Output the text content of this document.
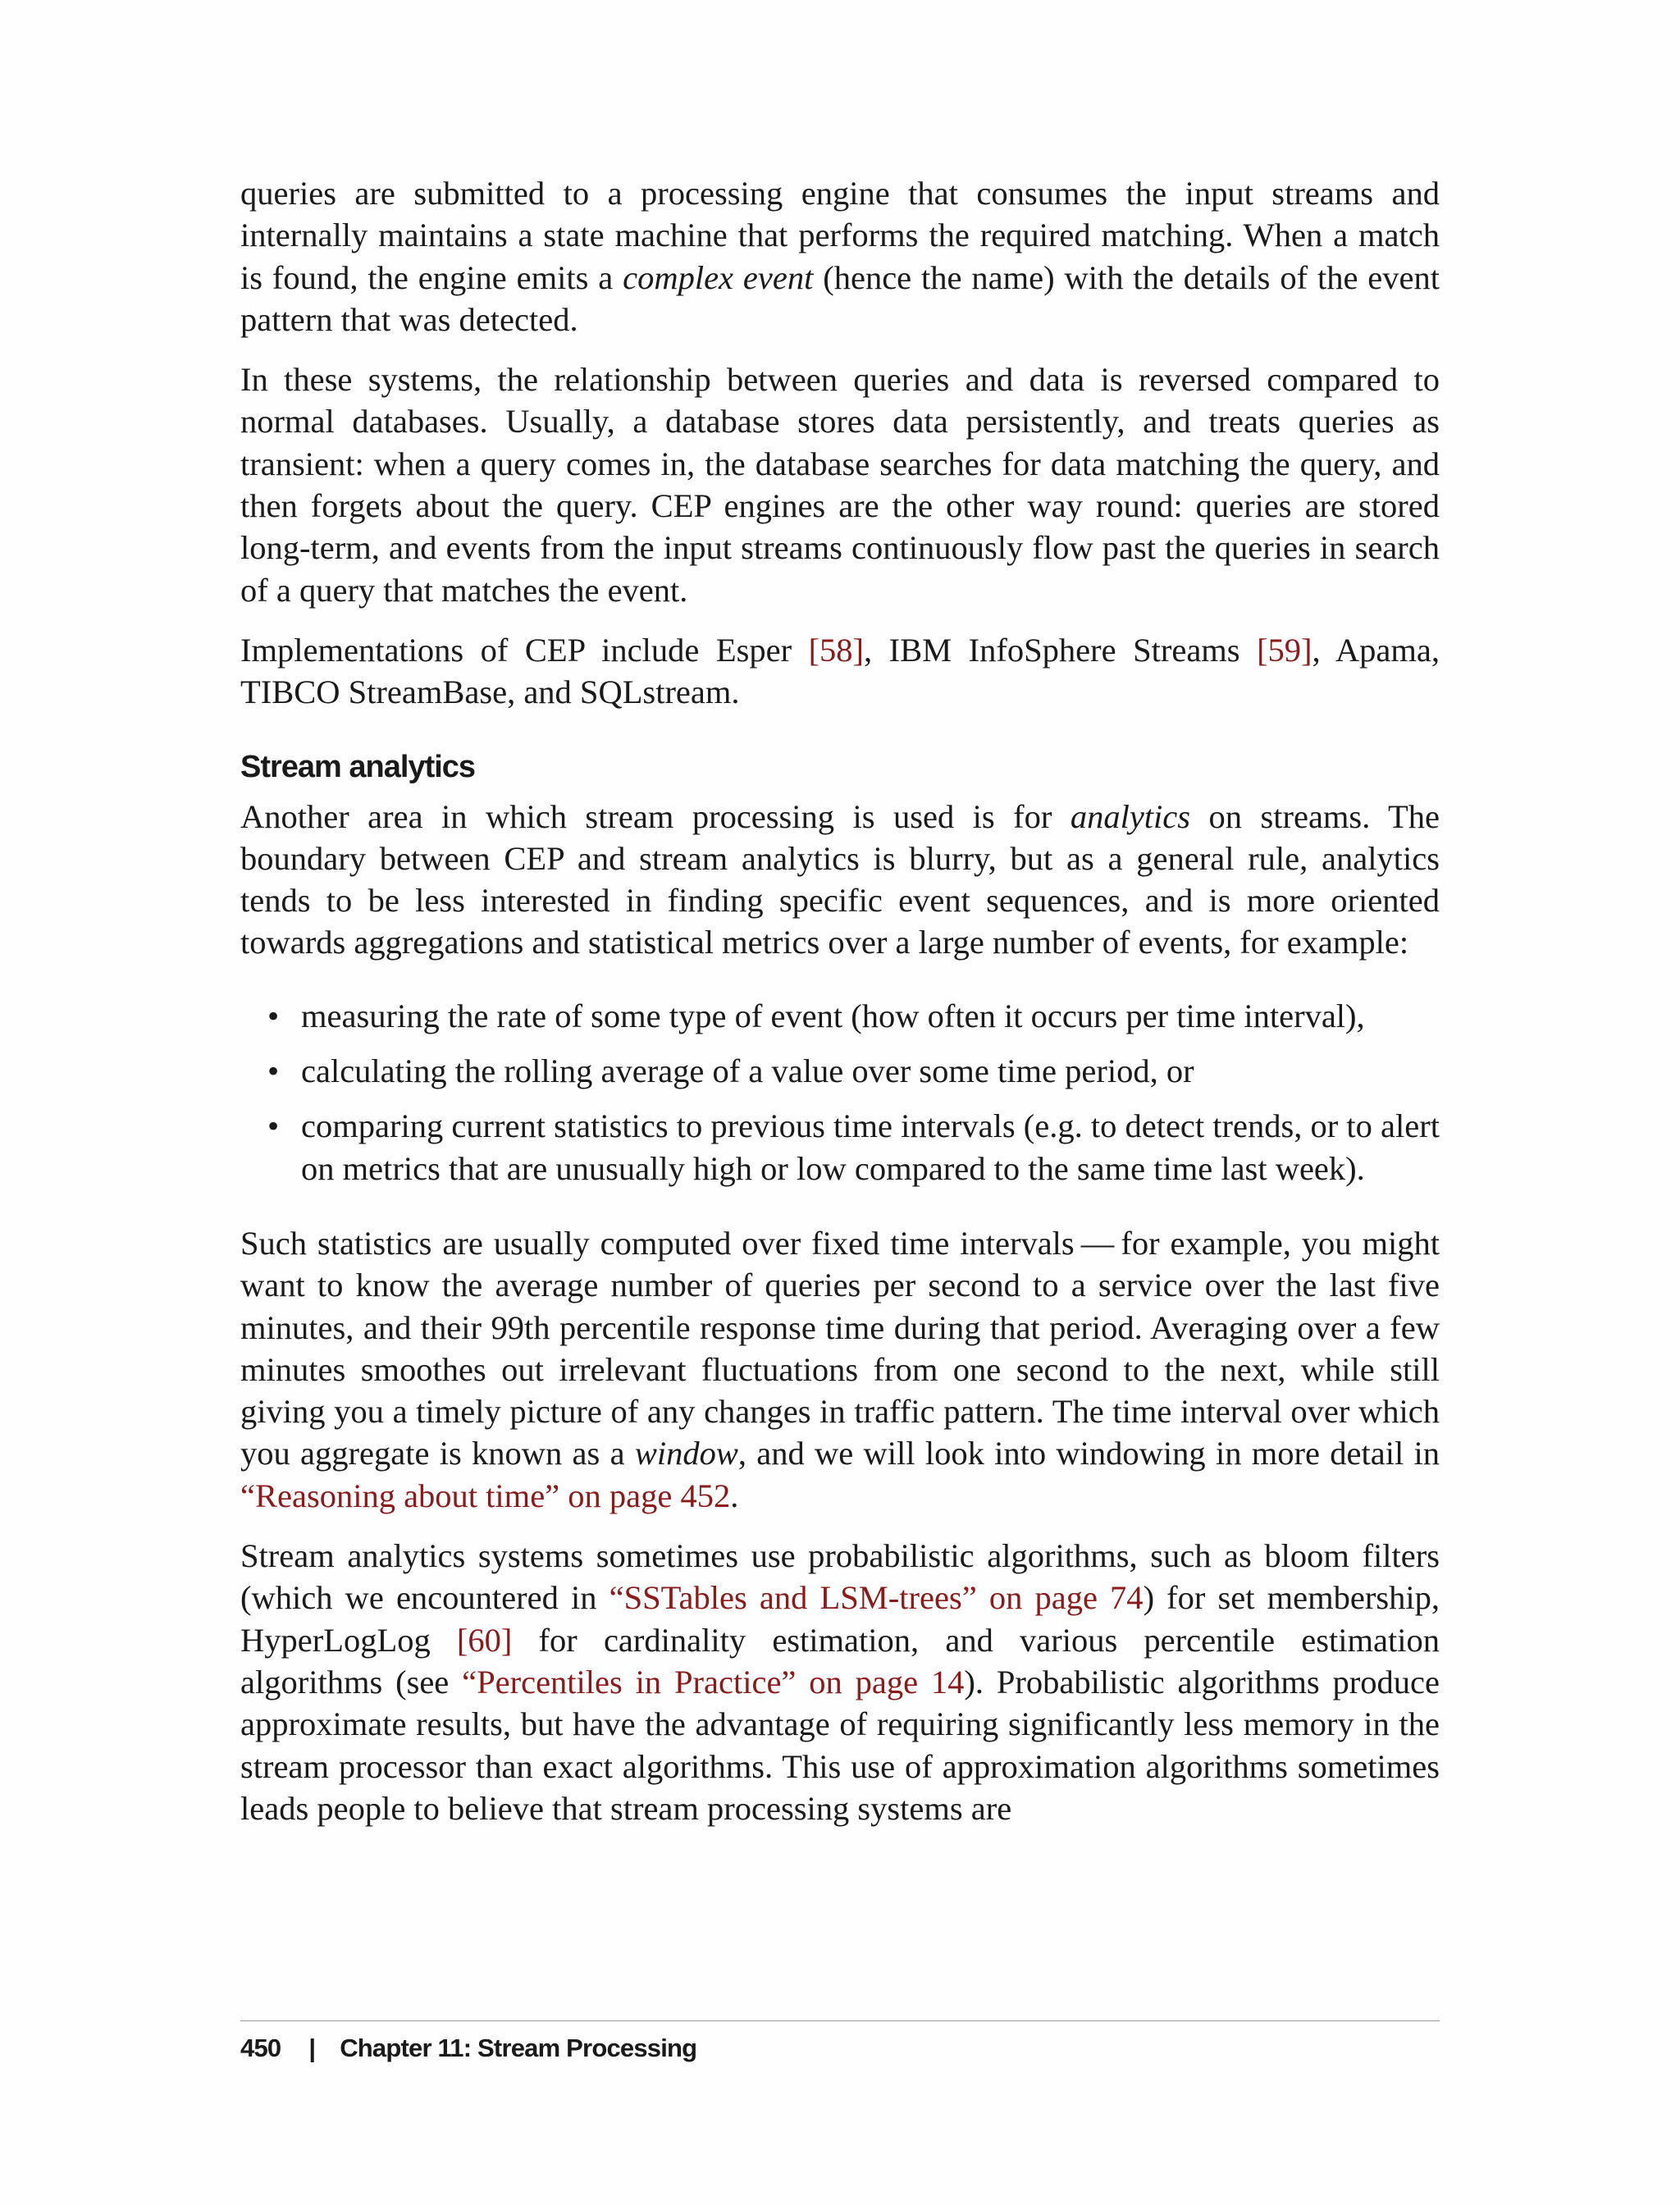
queries are submitted to a processing engine that consumes the input streams and internally maintains a state machine that performs the required matching. When a match is found, the engine emits a complex event (hence the name) with the details of the event pattern that was detected.

In these systems, the relationship between queries and data is reversed compared to normal databases. Usually, a database stores data persistently, and treats queries as transient: when a query comes in, the database searches for data matching the query, and then forgets about the query. CEP engines are the other way round: queries are stored long-term, and events from the input streams continuously flow past the queries in search of a query that matches the event.

Implementations of CEP include Esper [58], IBM InfoSphere Streams [59], Apama, TIBCO StreamBase, and SQLstream.

Stream analytics

Another area in which stream processing is used is for analytics on streams. The boundary between CEP and stream analytics is blurry, but as a general rule, analytics tends to be less interested in finding specific event sequences, and is more oriented towards aggregations and statistical metrics over a large number of events, for example:

• measuring the rate of some type of event (how often it occurs per time interval),
• calculating the rolling average of a value over some time period, or
• comparing current statistics to previous time intervals (e.g. to detect trends, or to alert on metrics that are unusually high or low compared to the same time last week).

Such statistics are usually computed over fixed time intervals — for example, you might want to know the average number of queries per second to a service over the last five minutes, and their 99th percentile response time during that period. Averaging over a few minutes smoothes out irrelevant fluctuations from one second to the next, while still giving you a timely picture of any changes in traffic pattern. The time interval over which you aggregate is known as a window, and we will look into windowing in more detail in “Reasoning about time” on page 452.

Stream analytics systems sometimes use probabilistic algorithms, such as bloom filters (which we encountered in “SSTables and LSM-trees” on page 74) for set membership, HyperLogLog [60] for cardinality estimation, and various percentile estimation algorithms (see “Percentiles in Practice” on page 14). Probabilistic algorithms produce approximate results, but have the advantage of requiring significantly less memory in the stream processor than exact algorithms. This use of approximation algorithms sometimes leads people to believe that stream processing systems are

450 | Chapter 11: Stream Processing
